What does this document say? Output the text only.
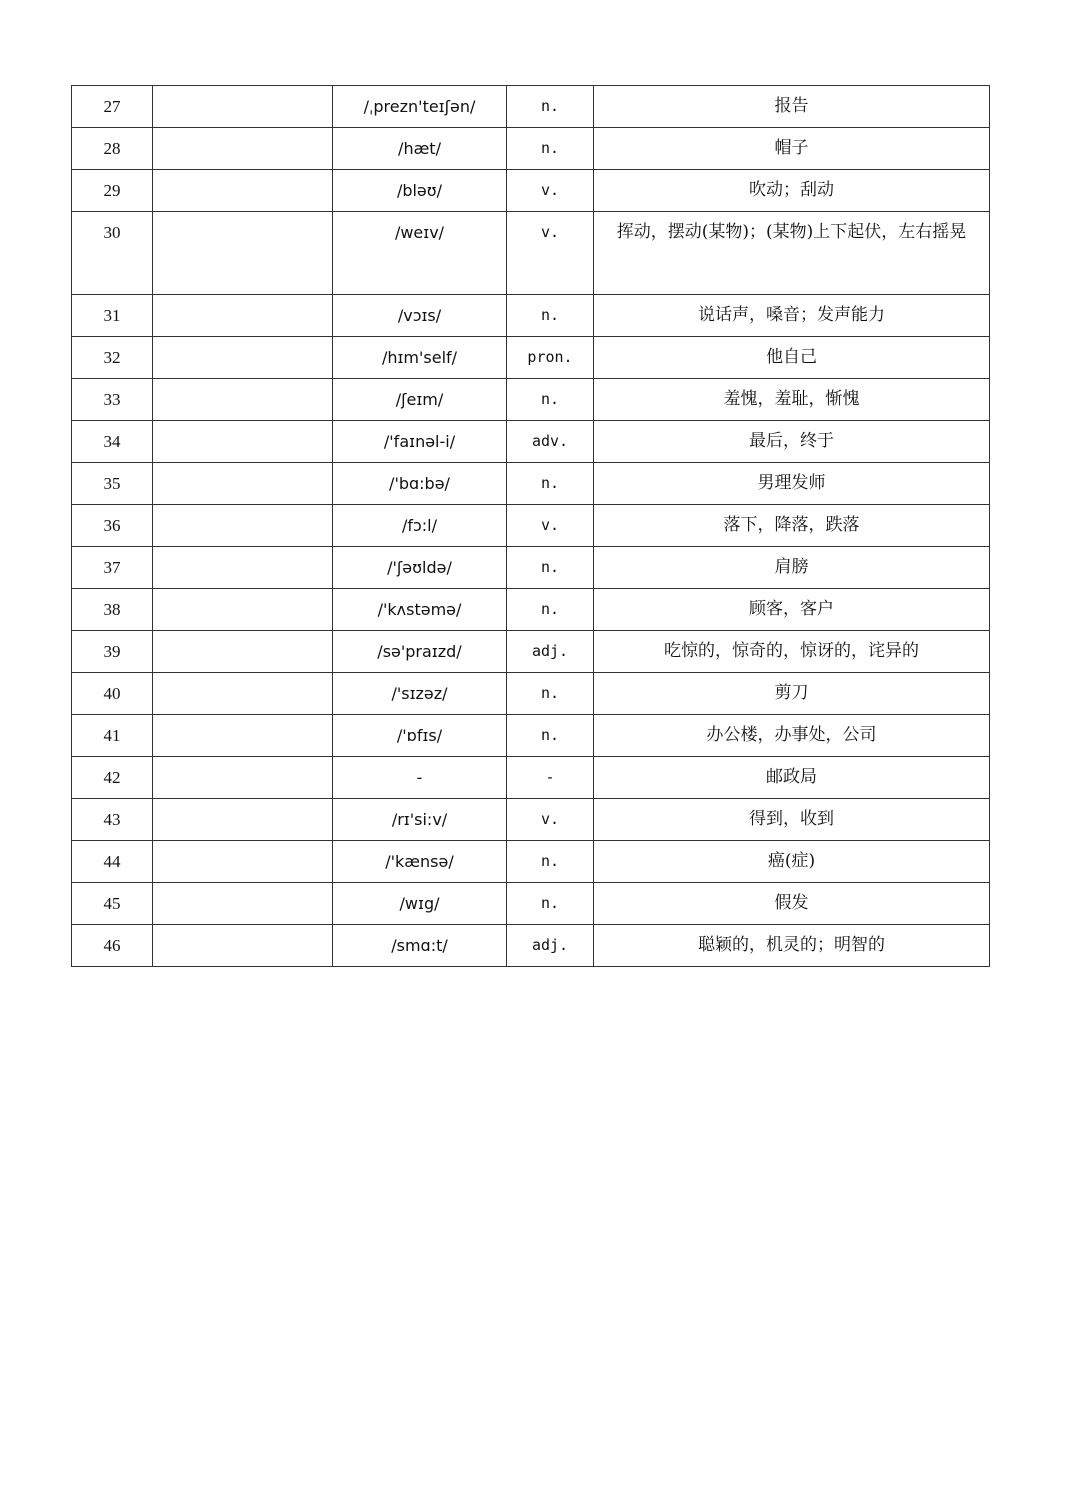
27		/ˌprezn'teɪʃən/	n.	报告
28		/hæt/	n.	帽子
29		/bləʊ/	v.	吹动；刮动
30		/weɪv/	v.	挥动，摆动(某物)；(某物)上下起伏，左右摇晃
31		/vɔɪs/	n.	说话声，嗓音；发声能力
32		/hɪm'self/	pron.	他自己
33		/ʃeɪm/	n.	羞愧，羞耻，惭愧
34		/'faɪnəl-i/	adv.	最后，终于
35		/'bɑ:bə/	n.	男理发师
36		/fɔ:l/	v.	落下，降落，跌落
37		/'ʃəʊldə/	n.	肩膀
38		/'kʌstəmə/	n.	顾客，客户
39		/sə'praɪzd/	adj.	吃惊的，惊奇的，惊讶的，诧异的
40		/'sɪzəz/	n.	剪刀
41		/'ɒfɪs/	n.	办公楼，办事处，公司
42		-	-	邮政局
43		/rɪ'si:v/	v.	得到，收到
44		/'kænsə/	n.	癌(症)
45		/wɪg/	n.	假发
46		/smɑ:t/	adj.	聪颖的，机灵的；明智的
